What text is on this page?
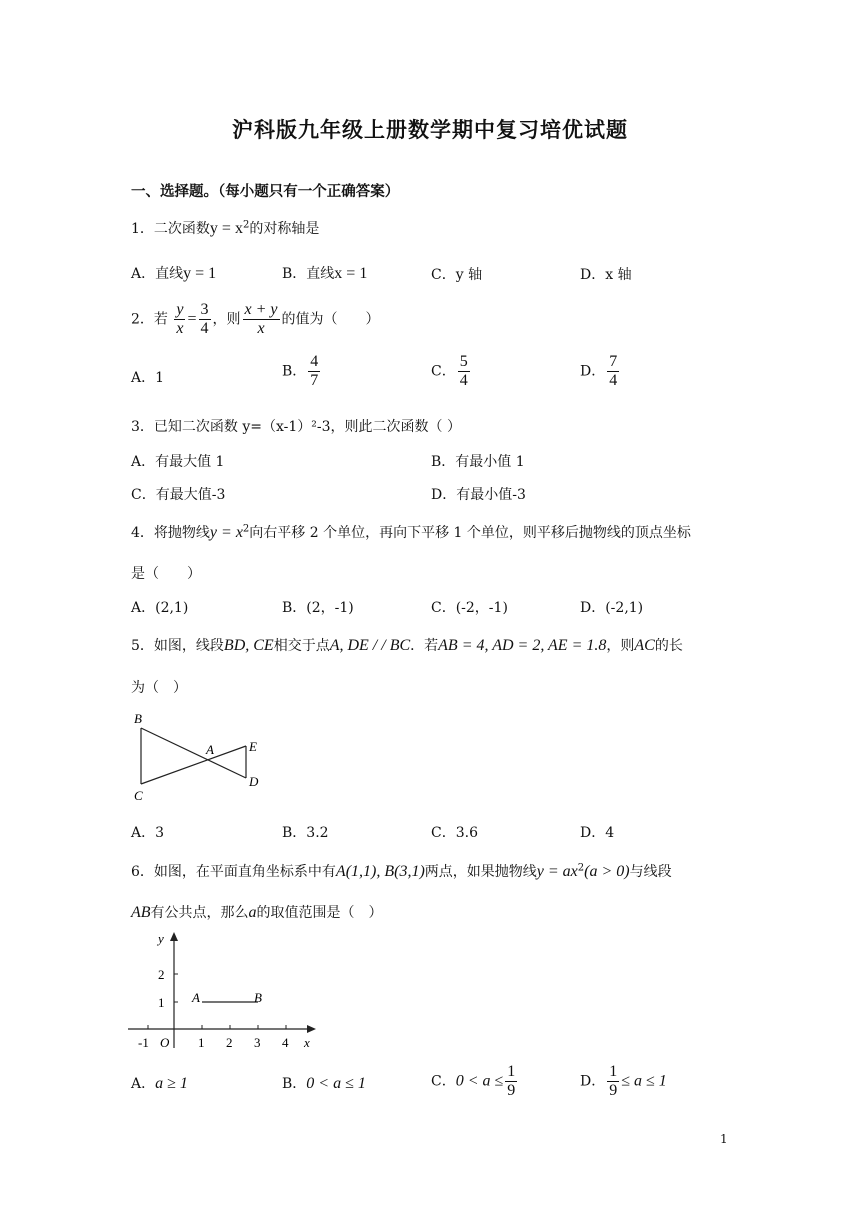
沪科版九年级上册数学期中复习培优试题
一、选择题。（每小题只有一个正确答案）
1．二次函数$y = x^2$的对称轴是
A．直线y = 1	B．直线x = 1	C．y 轴	D．x 轴
2．若 $\frac{y}{x} = \frac{3}{4}$ ，则 $\frac{x + y}{x}$ 的值为（　　）
A．1	B． $\frac{4}{7}$	C． $\frac{5}{4}$	D． $\frac{7}{4}$
3．已知二次函数 y=（x-1）²-3，则此二次函数（ ）
A．有最大值 1	B．有最小值 1
C．有最大值-3	D．有最小值-3
4．将抛物线$y = x^2$向右平移 2 个单位，再向下平移 1 个单位，则平移后抛物线的顶点坐标
是（　　）
A．(2,1)	B．(2，-1)	C．(-2，-1)	D．(-2,1)
5．如图，线段BD, CE相交于点A, DE / / BC．若AB = 4, AD = 2, AE = 1.8，则AC的长
为（　）
B
C
A	E
D
A．3	B．3.2	C．3.6	D．4
6．如图，在平面直角坐标系中有A(1,1), B(3,1)两点，如果抛物线$y = ax^2(a > 0)$与线段
AB有公共点，那么a的取值范围是（　）
y
x
O
-1	1 2 3 4
1
2
A	B
A．a ≥ 1	B．0 < a ≤ 1	C．$0 < a \le \frac{1}{9}$	D． $\frac{1}{9} \le a \le 1$
1
